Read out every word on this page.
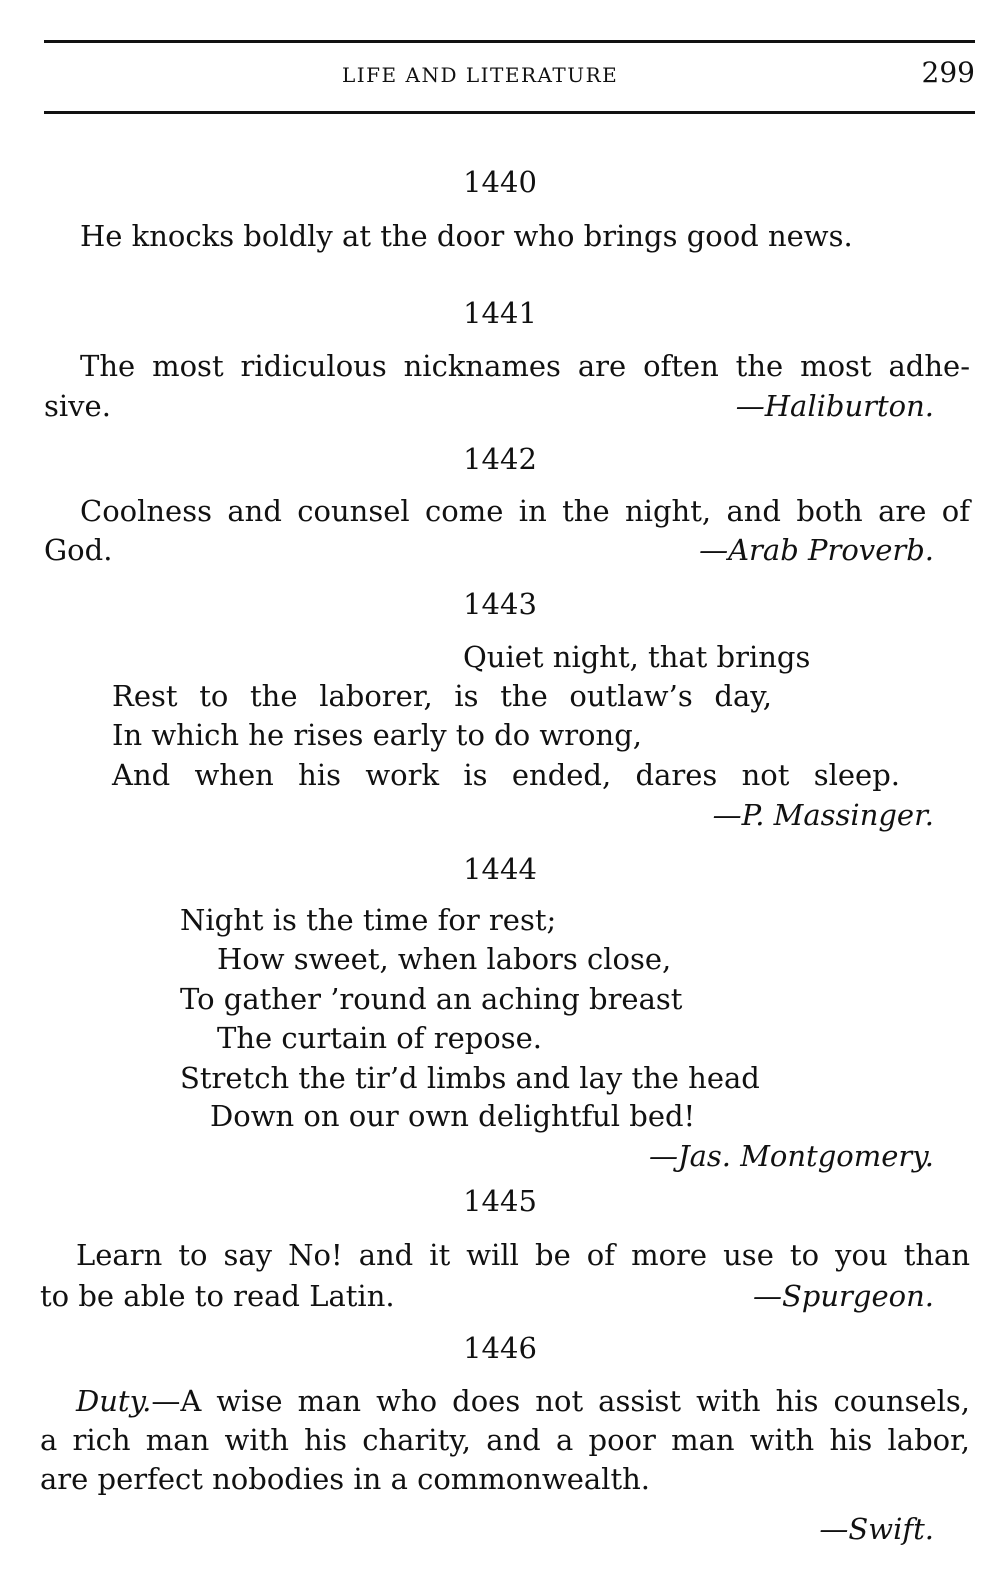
LIFE AND LITERATURE	299
1440
He knocks boldly at the door who brings good news.
1441
The most ridiculous nicknames are often the most adhe-
sive.	—Haliburton.
1442
Coolness and counsel come in the night, and both are of
God.	—Arab Proverb.
1443
Quiet night, that brings
Rest to the laborer, is the outlaw’s day,
In which he rises early to do wrong,
And when his work is ended, dares not sleep.
—P. Massinger.
1444
Night is the time for rest;
How sweet, when labors close,
To gather ’round an aching breast
The curtain of repose.
Stretch the tir’d limbs and lay the head
Down on our own delightful bed!
—Jas. Montgomery.
1445
Learn to say No! and it will be of more use to you than
to be able to read Latin.	—Spurgeon.
1446
Duty.—A wise man who does not assist with his counsels,
a rich man with his charity, and a poor man with his labor,
are perfect nobodies in a commonwealth.
—Swift.
